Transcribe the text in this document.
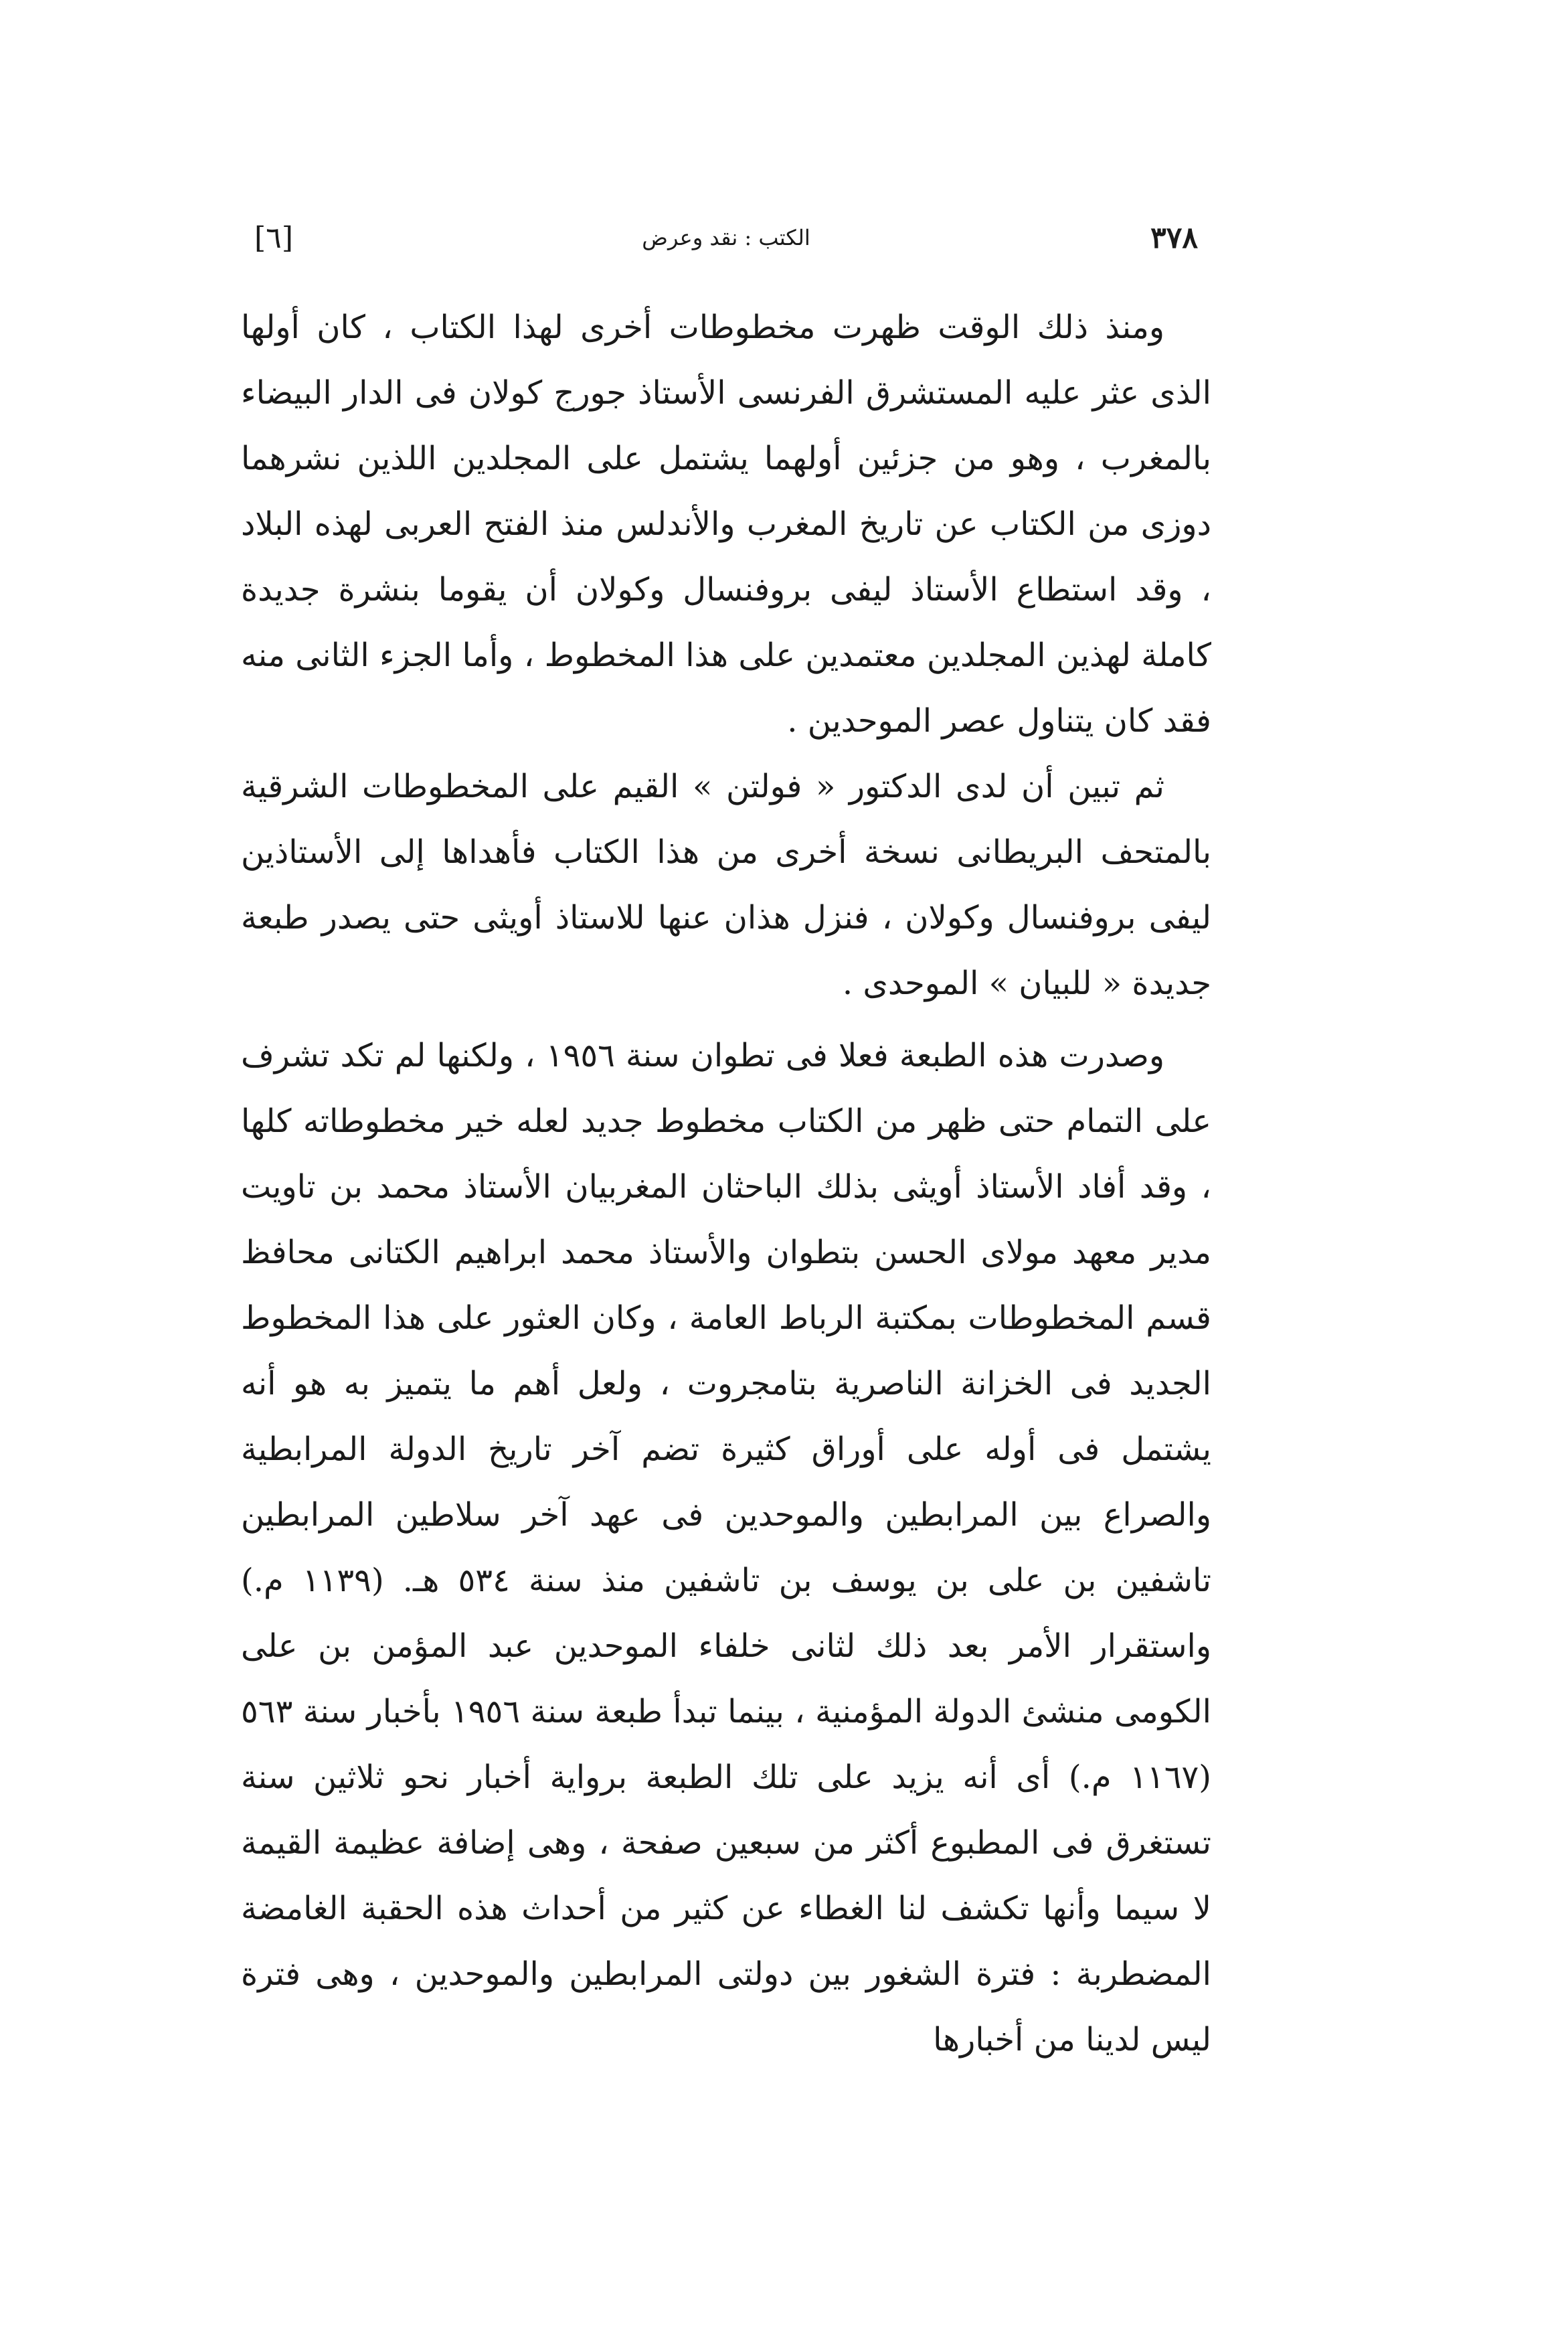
٣٧٨
الكتب : نقد وعرض
[٦]

ومنذ ذلك الوقت ظهرت مخطوطات أخرى لهذا الكتاب ، كان أولها الذى عثر عليه المستشرق الفرنسى الأستاذ جورج كولان فى الدار البيضاء بالمغرب ، وهو من جزئين أولهما يشتمل على المجلدين اللذين نشرهما دوزى من الكتاب عن تاريخ المغرب والأندلس منذ الفتح العربى لهذه البلاد ، وقد استطاع الأستاذ ليفى بروفنسال وكولان أن يقوما بنشرة جديدة كاملة لهذين المجلدين معتمدين على هذا المخطوط ، وأما الجزء الثانى منه فقد كان يتناول عصر الموحدين .

ثم تبين أن لدى الدكتور « فولتن » القيم على المخطوطات الشرقية بالمتحف البريطانى نسخة أخرى من هذا الكتاب فأهداها إلى الأستاذين ليفى بروفنسال وكولان ، فنزل هذان عنها للاستاذ أويثى حتى يصدر طبعة جديدة « للبيان » الموحدى .

وصدرت هذه الطبعة فعلا فى تطوان سنة ١٩٥٦ ، ولكنها لم تكد تشرف على التمام حتى ظهر من الكتاب مخطوط جديد لعله خير مخطوطاته كلها ، وقد أفاد الأستاذ أويثى بذلك الباحثان المغربيان الأستاذ محمد بن تاويت مدير معهد مولاى الحسن بتطوان والأستاذ محمد ابراهيم الكتانى محافظ قسم المخطوطات بمكتبة الرباط العامة ، وكان العثور على هذا المخطوط الجديد فى الخزانة الناصرية بتامجروت ، ولعل أهم ما يتميز به هو أنه يشتمل فى أوله على أوراق كثيرة تضم آخر تاريخ الدولة المرابطية والصراع بين المرابطين والموحدين فى عهد آخر سلاطين المرابطين تاشفين بن على بن يوسف بن تاشفين منذ سنة ٥٣٤ هـ. (١١٣٩ م.) واستقرار الأمر بعد ذلك لثانى خلفاء الموحدين عبد المؤمن بن على الكومى منشئ الدولة المؤمنية ، بينما تبدأ طبعة سنة ١٩٥٦ بأخبار سنة ٥٦٣ (١١٦٧ م.) أى أنه يزيد على تلك الطبعة برواية أخبار نحو ثلاثين سنة تستغرق فى المطبوع أكثر من سبعين صفحة ، وهى إضافة عظيمة القيمة لا سيما وأنها تكشف لنا الغطاء عن كثير من أحداث هذه الحقبة الغامضة المضطربة : فترة الشغور بين دولتى المرابطين والموحدين ، وهى فترة ليس لدينا من أخبارها
